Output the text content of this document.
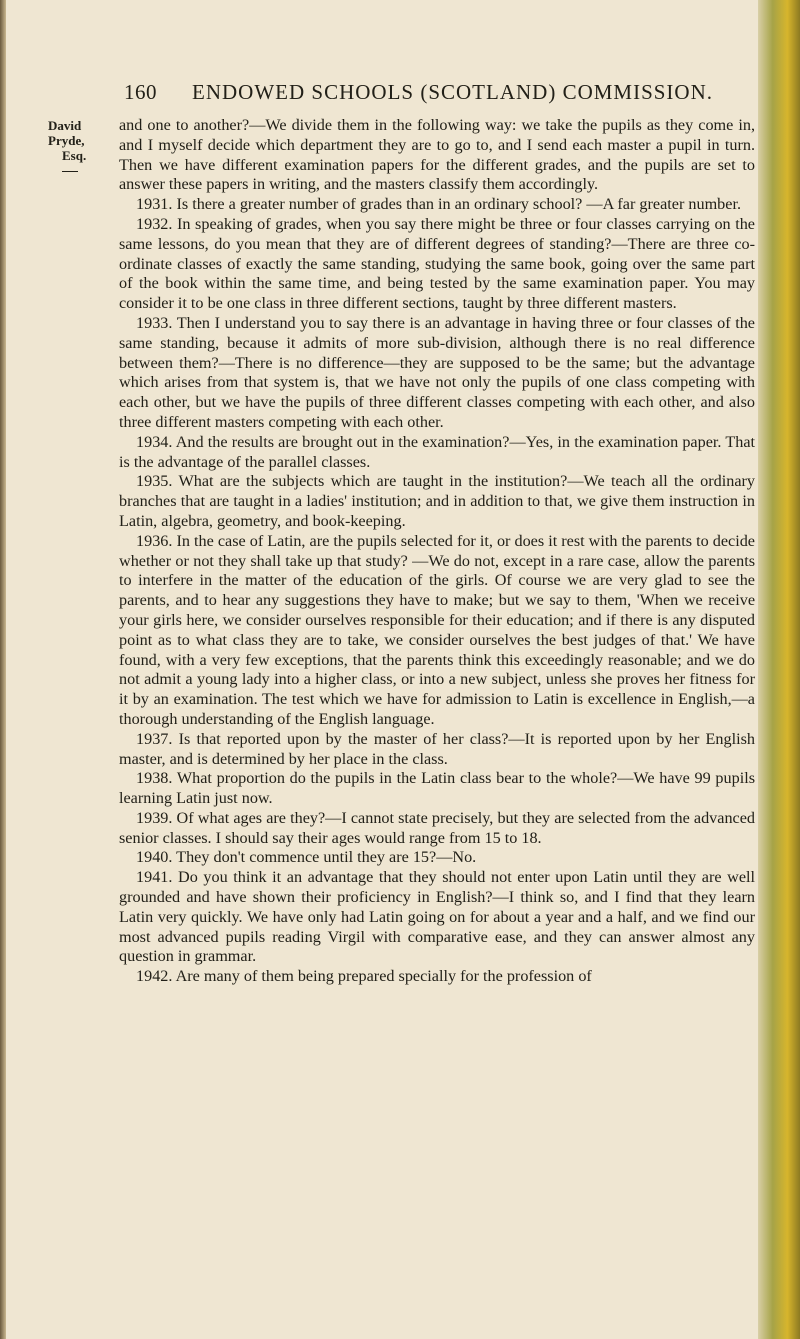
160 ENDOWED SCHOOLS (SCOTLAND) COMMISSION.
David
Pryde,
Esq.

and one to another?—We divide them in the following way: we take the pupils as they come in, and I myself decide which department they are to go to, and I send each master a pupil in turn. Then we have different examination papers for the different grades, and the pupils are set to answer these papers in writing, and the masters classify them accordingly.

1931. Is there a greater number of grades than in an ordinary school? —A far greater number.

1932. In speaking of grades, when you say there might be three or four classes carrying on the same lessons, do you mean that they are of different degrees of standing?—There are three co-ordinate classes of exactly the same standing, studying the same book, going over the same part of the book within the same time, and being tested by the same examination paper. You may consider it to be one class in three different sections, taught by three different masters.

1933. Then I understand you to say there is an advantage in having three or four classes of the same standing, because it admits of more sub-division, although there is no real difference between them?—There is no difference—they are supposed to be the same; but the advantage which arises from that system is, that we have not only the pupils of one class competing with each other, but we have the pupils of three different classes competing with each other, and also three different masters competing with each other.

1934. And the results are brought out in the examination?—Yes, in the examination paper. That is the advantage of the parallel classes.

1935. What are the subjects which are taught in the institution?—We teach all the ordinary branches that are taught in a ladies' institution; and in addition to that, we give them instruction in Latin, algebra, geometry, and book-keeping.

1936. In the case of Latin, are the pupils selected for it, or does it rest with the parents to decide whether or not they shall take up that study? —We do not, except in a rare case, allow the parents to interfere in the matter of the education of the girls. Of course we are very glad to see the parents, and to hear any suggestions they have to make; but we say to them, 'When we receive your girls here, we consider ourselves responsible for their education; and if there is any disputed point as to what class they are to take, we consider ourselves the best judges of that.' We have found, with a very few exceptions, that the parents think this exceedingly reasonable; and we do not admit a young lady into a higher class, or into a new subject, unless she proves her fitness for it by an examination. The test which we have for admission to Latin is excellence in English,—a thorough understanding of the English language.

1937. Is that reported upon by the master of her class?—It is reported upon by her English master, and is determined by her place in the class.

1938. What proportion do the pupils in the Latin class bear to the whole?—We have 99 pupils learning Latin just now.

1939. Of what ages are they?—I cannot state precisely, but they are selected from the advanced senior classes. I should say their ages would range from 15 to 18.

1940. They don't commence until they are 15?—No.

1941. Do you think it an advantage that they should not enter upon Latin until they are well grounded and have shown their proficiency in English?—I think so, and I find that they learn Latin very quickly. We have only had Latin going on for about a year and a half, and we find our most advanced pupils reading Virgil with comparative ease, and they can answer almost any question in grammar.

1942. Are many of them being prepared specially for the profession of
